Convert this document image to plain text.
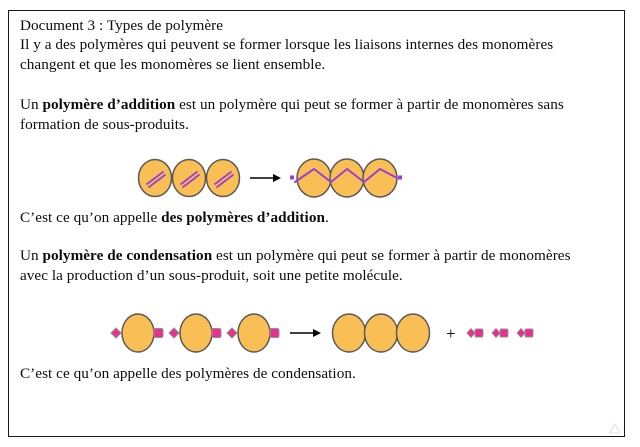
Document 3 : Types de polymère
Il y a des polymères qui peuvent se former lorsque les liaisons internes des monomères changent et que les monomères se lient ensemble.
Un polymère d’addition est un polymère qui peut se former à partir de monomères sans formation de sous-produits.
C’est ce qu’on appelle des polymères d’addition.
Un polymère de condensation est un polymère qui peut se former à partir de monomères avec la production d’un sous-produit, soit une petite molécule.
+
C’est ce qu’on appelle des polymères de condensation.
